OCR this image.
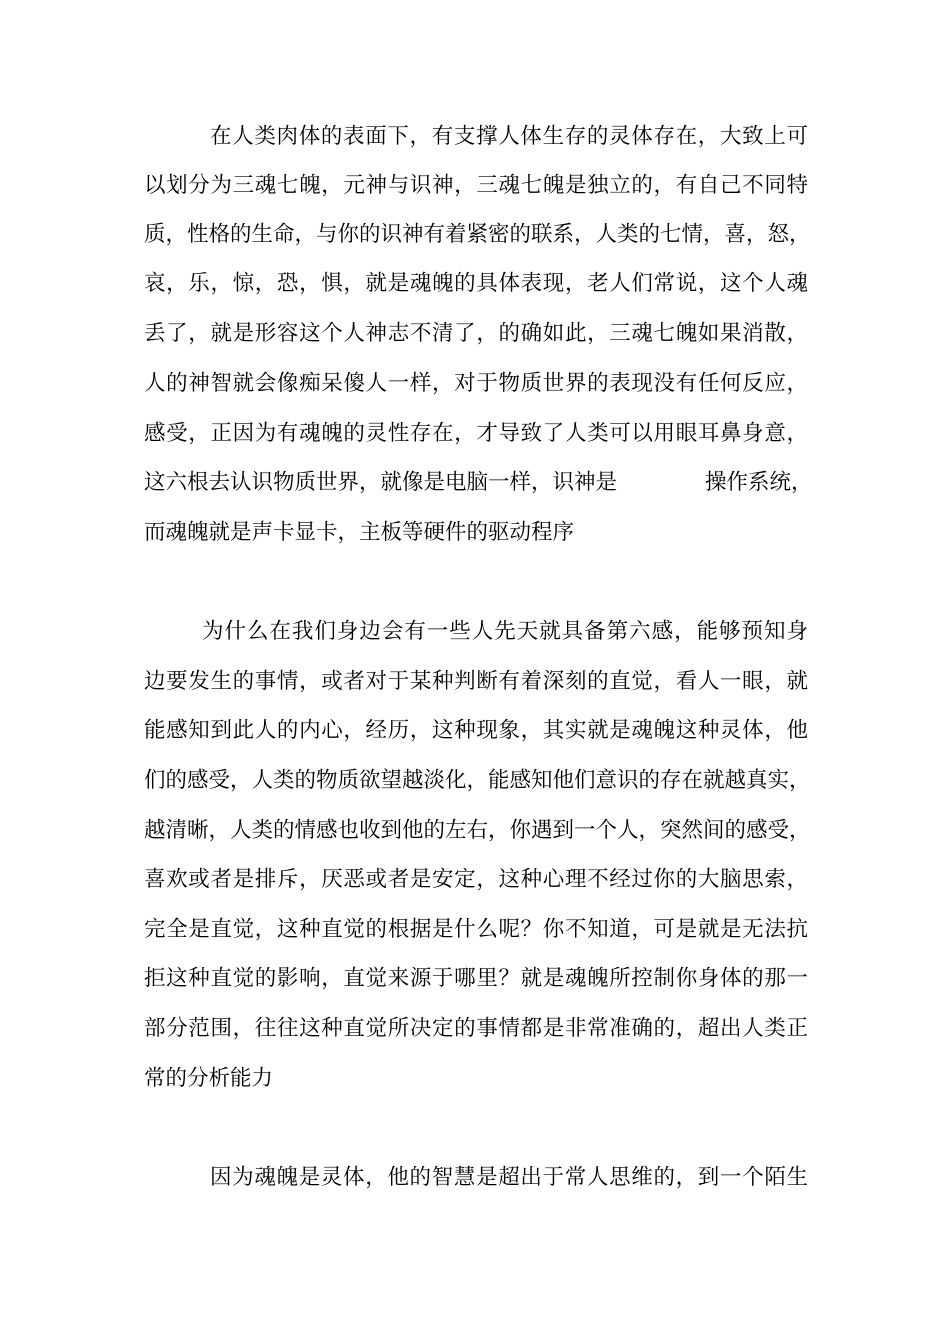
在人类肉体的表面下，有支撑人体生存的灵体存在，大致上可
以划分为三魂七魄，元神与识神，三魂七魄是独立的，有自己不同特
质，性格的生命，与你的识神有着紧密的联系，人类的七情，喜，怒，
哀，乐，惊，恐，惧，就是魂魄的具体表现，老人们常说，这个人魂
丢了，就是形容这个人神志不清了，的确如此，三魂七魄如果消散，
人的神智就会像痴呆傻人一样，对于物质世界的表现没有任何反应，
感受，正因为有魂魄的灵性存在，才导致了人类可以用眼耳鼻身意，
这六根去认识物质世界，就像是电脑一样，识神是	操作系统，
而魂魄就是声卡显卡，主板等硬件的驱动程序
为什么在我们身边会有一些人先天就具备第六感，能够预知身
边要发生的事情，或者对于某种判断有着深刻的直觉，看人一眼，就
能感知到此人的内心，经历，这种现象，其实就是魂魄这种灵体，他
们的感受，人类的物质欲望越淡化，能感知他们意识的存在就越真实，
越清晰，人类的情感也收到他的左右，你遇到一个人，突然间的感受，
喜欢或者是排斥，厌恶或者是安定，这种心理不经过你的大脑思索，
完全是直觉，这种直觉的根据是什么呢？你不知道，可是就是无法抗
拒这种直觉的影响，直觉来源于哪里？就是魂魄所控制你身体的那一
部分范围，往往这种直觉所决定的事情都是非常准确的，超出人类正
常的分析能力
因为魂魄是灵体，他的智慧是超出于常人思维的，到一个陌生
